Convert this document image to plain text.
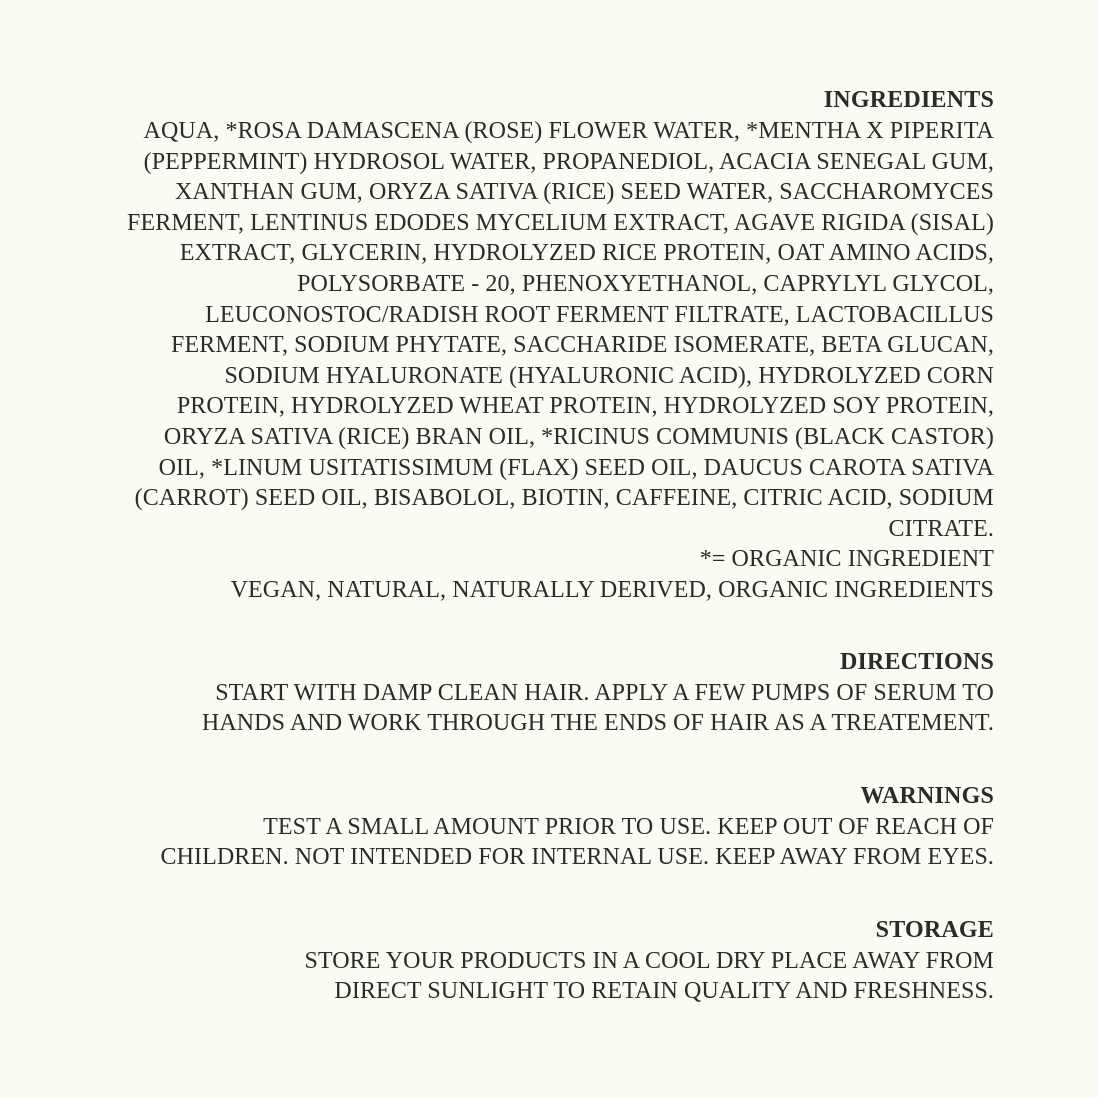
INGREDIENTS

AQUA, *ROSA DAMASCENA (ROSE) FLOWER WATER, *MENTHA X PIPERITA

(PEPPERMINT) HYDROSOL WATER, PROPANEDIOL, ACACIA SENEGAL GUM,

XANTHAN GUM, ORYZA SATIVA (RICE) SEED WATER, SACCHAROMYCES

FERMENT, LENTINUS EDODES MYCELIUM EXTRACT, AGAVE RIGIDA (SISAL)

EXTRACT, GLYCERIN, HYDROLYZED RICE PROTEIN, OAT AMINO ACIDS,

POLYSORBATE - 20, PHENOXYETHANOL, CAPRYLYL GLYCOL,

LEUCONOSTOC/RADISH ROOT FERMENT FILTRATE, LACTOBACILLUS

FERMENT, SODIUM PHYTATE, SACCHARIDE ISOMERATE, BETA GLUCAN,

SODIUM HYALURONATE (HYALURONIC ACID), HYDROLYZED CORN

PROTEIN, HYDROLYZED WHEAT PROTEIN, HYDROLYZED SOY PROTEIN,

ORYZA SATIVA (RICE) BRAN OIL, *RICINUS COMMUNIS (BLACK CASTOR)

OIL, *LINUM USITATISSIMUM (FLAX) SEED OIL, DAUCUS CAROTA SATIVA

(CARROT) SEED OIL, BISABOLOL, BIOTIN, CAFFEINE, CITRIC ACID, SODIUM

CITRATE.

*= ORGANIC INGREDIENT

VEGAN, NATURAL, NATURALLY DERIVED, ORGANIC INGREDIENTS

DIRECTIONS

START WITH DAMP CLEAN HAIR. APPLY A FEW PUMPS OF SERUM TO

HANDS AND WORK THROUGH THE ENDS OF HAIR AS A TREATEMENT.

WARNINGS

TEST A SMALL AMOUNT PRIOR TO USE. KEEP OUT OF REACH OF

CHILDREN. NOT INTENDED FOR INTERNAL USE. KEEP AWAY FROM EYES.

STORAGE

STORE YOUR PRODUCTS IN A COOL DRY PLACE AWAY FROM

DIRECT SUNLIGHT TO RETAIN QUALITY AND FRESHNESS.
